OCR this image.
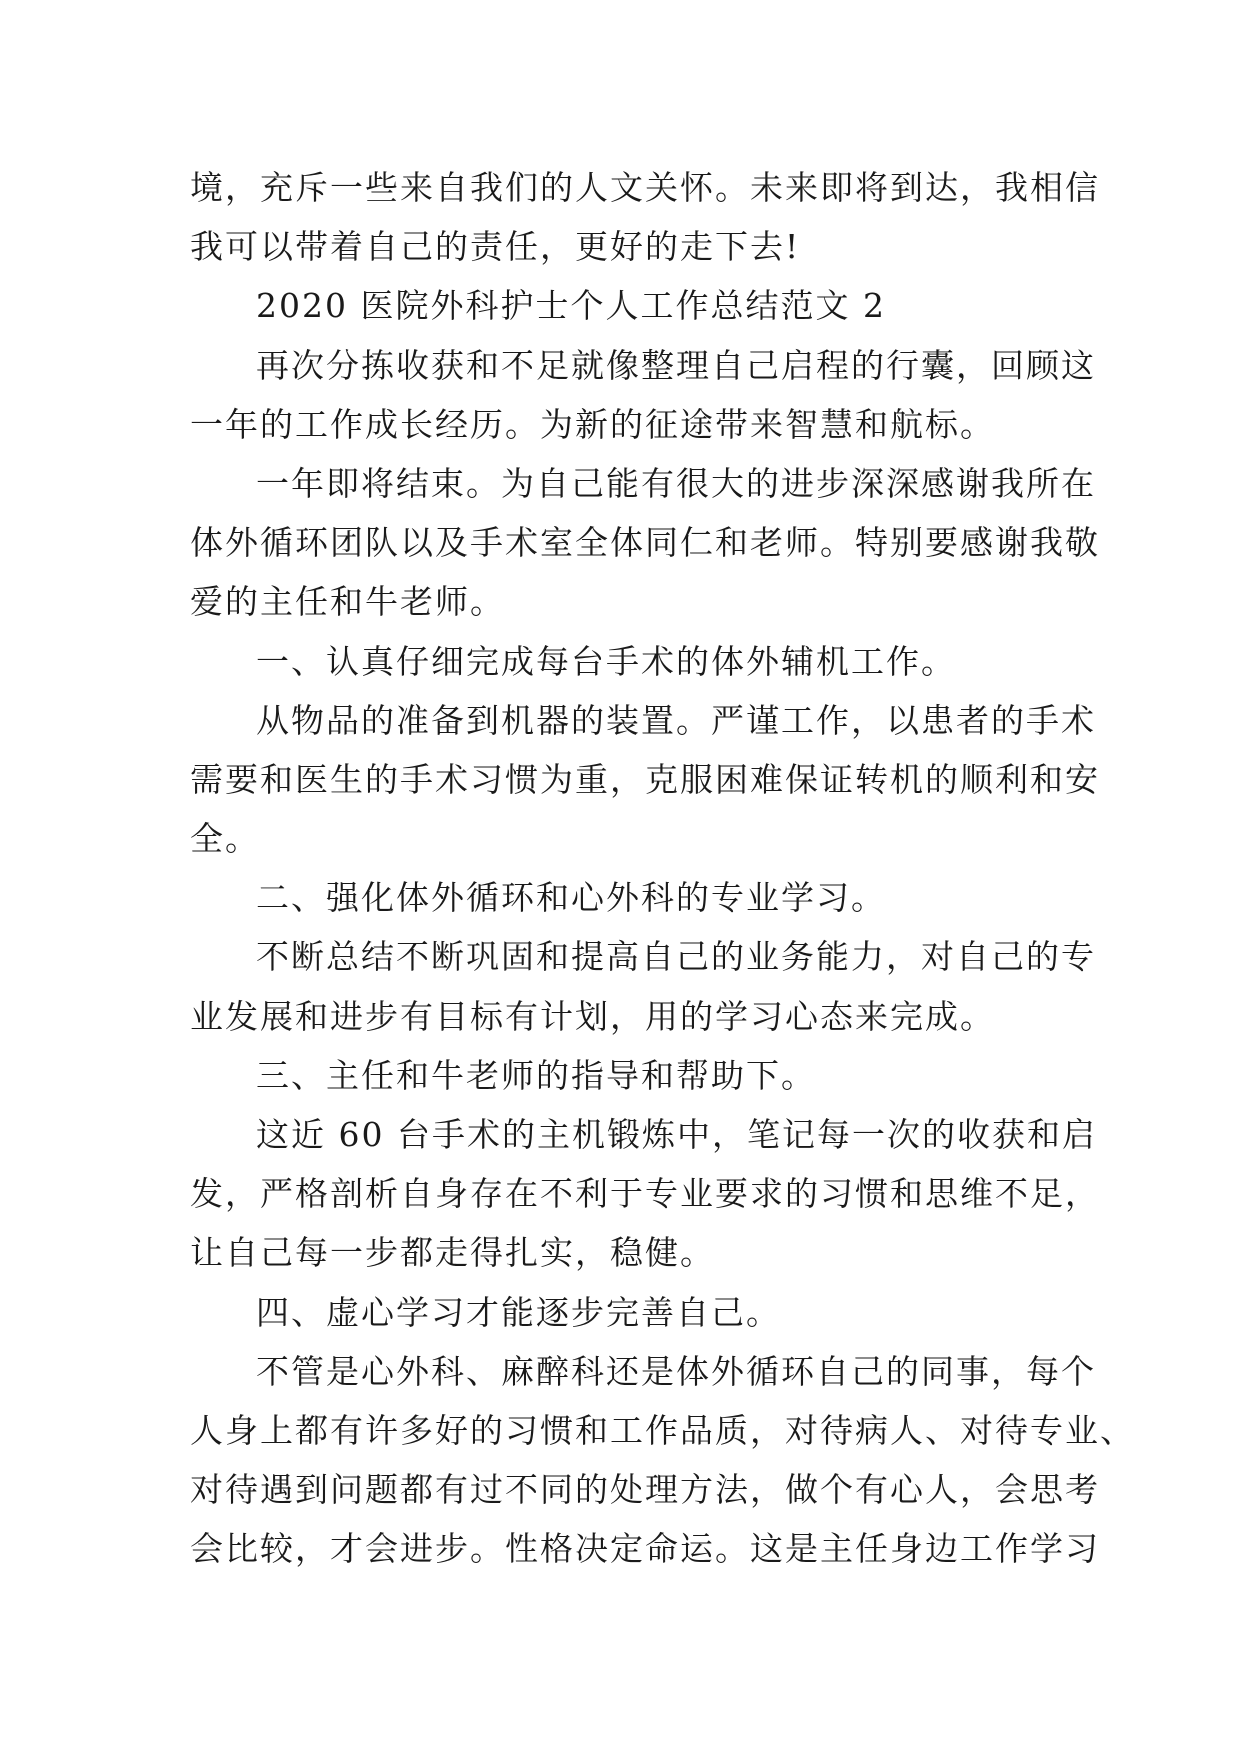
境，充斥一些来自我们的人文关怀。未来即将到达，我相信
我可以带着自己的责任，更好的走下去!
2020 医院外科护士个人工作总结范文 2
再次分拣收获和不足就像整理自己启程的行囊，回顾这
一年的工作成长经历。为新的征途带来智慧和航标。
一年即将结束。为自己能有很大的进步深深感谢我所在
体外循环团队以及手术室全体同仁和老师。特别要感谢我敬
爱的主任和牛老师。
一、认真仔细完成每台手术的体外辅机工作。
从物品的准备到机器的装置。严谨工作，以患者的手术
需要和医生的手术习惯为重，克服困难保证转机的顺利和安
全。
二、强化体外循环和心外科的专业学习。
不断总结不断巩固和提高自己的业务能力，对自己的专
业发展和进步有目标有计划，用的学习心态来完成。
三、主任和牛老师的指导和帮助下。
这近 60 台手术的主机锻炼中，笔记每一次的收获和启
发，严格剖析自身存在不利于专业要求的习惯和思维不足，
让自己每一步都走得扎实，稳健。
四、虚心学习才能逐步完善自己。
不管是心外科、麻醉科还是体外循环自己的同事，每个
人身上都有许多好的习惯和工作品质，对待病人、对待专业、
对待遇到问题都有过不同的处理方法，做个有心人，会思考
会比较，才会进步。性格决定命运。这是主任身边工作学习
